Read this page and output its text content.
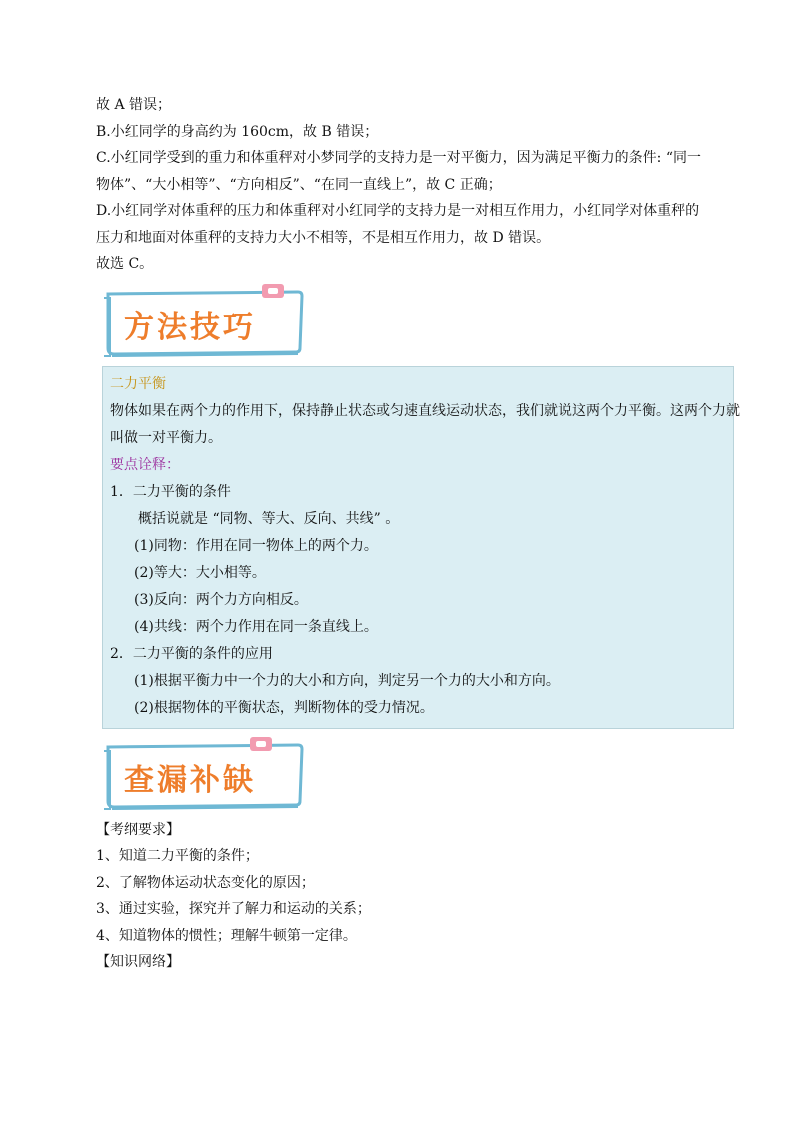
故 A 错误；

B.小红同学的身高约为 160cm，故 B 错误；

C.小红同学受到的重力和体重秤对小梦同学的支持力是一对平衡力，因为满足平衡力的条件: “同一

物体”、“大小相等”、“方向相反”、“在同一直线上”，故 C 正确；

D.小红同学对体重秤的压力和体重秤对小红同学的支持力是一对相互作用力，小红同学对体重秤的

压力和地面对体重秤的支持力大小不相等，不是相互作用力，故 D 错误。

故选 C。

方法技巧

二力平衡

物体如果在两个力的作用下，保持静止状态或匀速直线运动状态，我们就说这两个力平衡。这两个力就

叫做一对平衡力。

要点诠释：

1．二力平衡的条件

概括说就是 “同物、等大、反向、共线” 。

(1)同物：作用在同一物体上的两个力。

(2)等大：大小相等。

(3)反向：两个力方向相反。

(4)共线：两个力作用在同一条直线上。

2．二力平衡的条件的应用

(1)根据平衡力中一个力的大小和方向，判定另一个力的大小和方向。

(2)根据物体的平衡状态，判断物体的受力情况。

查漏补缺

【考纲要求】

1、知道二力平衡的条件；

2、了解物体运动状态变化的原因；

3、通过实验，探究并了解力和运动的关系；

4、知道物体的惯性；理解牛顿第一定律。

【知识网络】
